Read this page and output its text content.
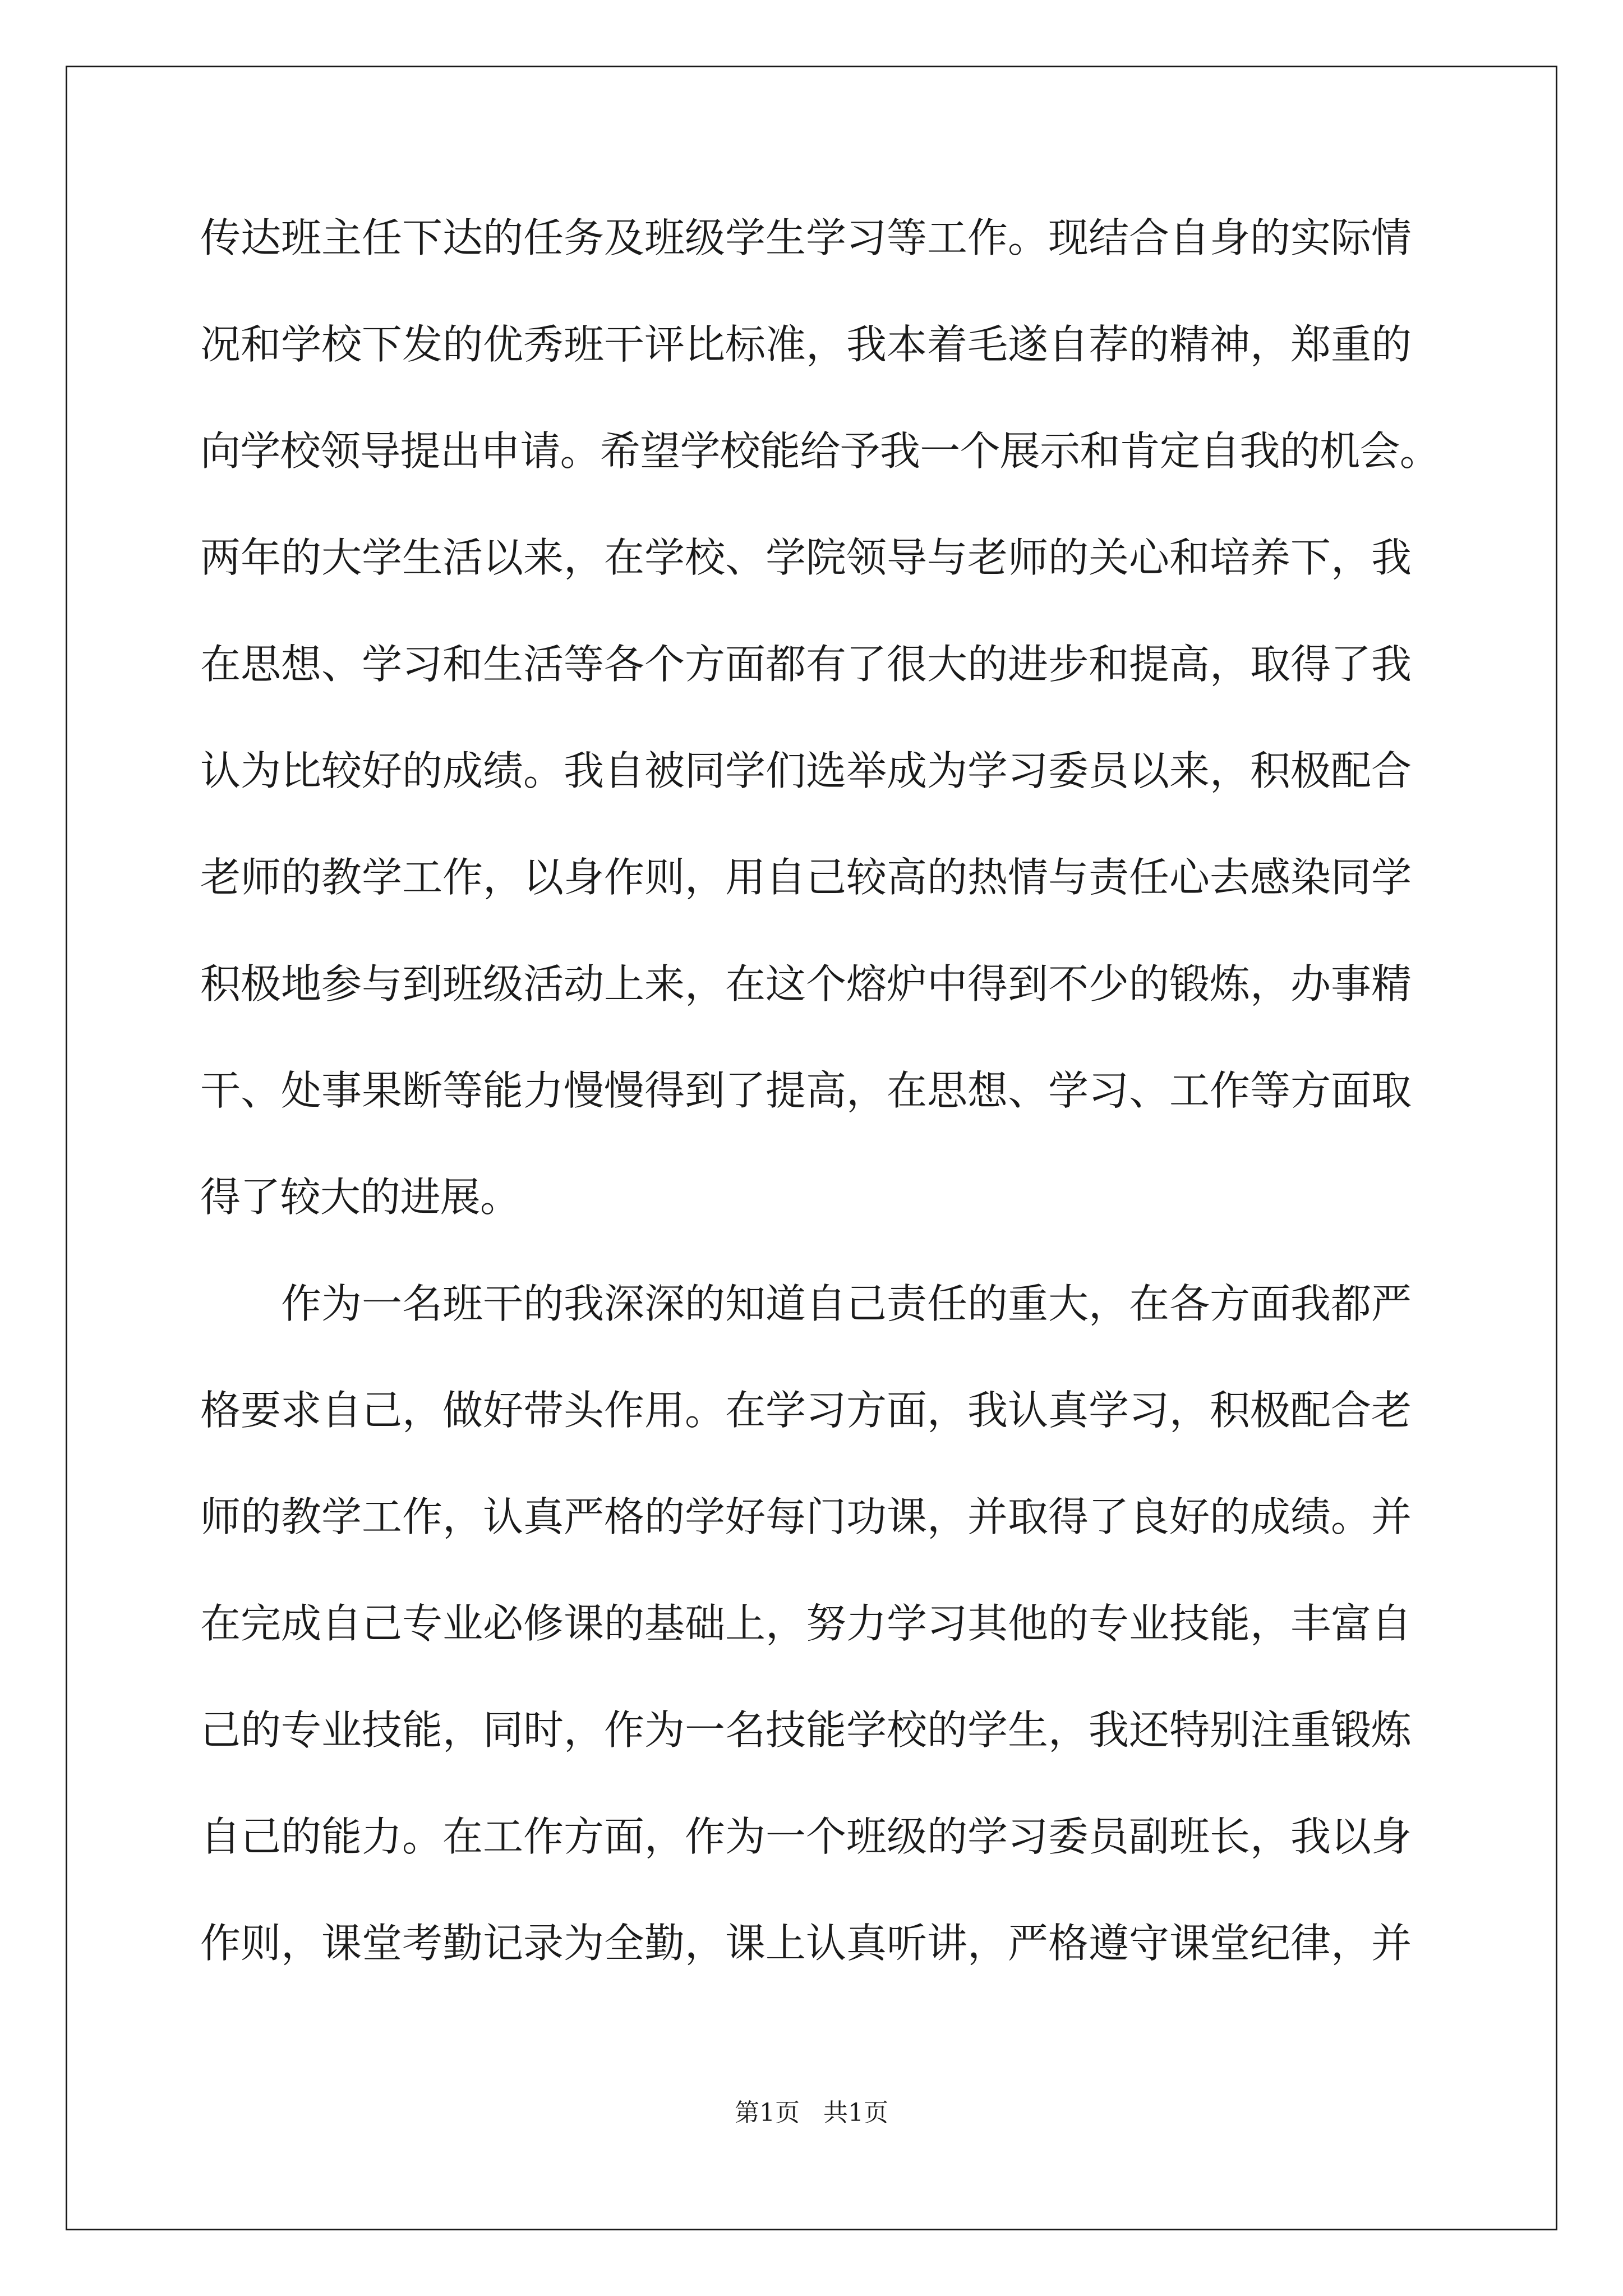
传达班主任下达的任务及班级学生学习等工作。现结合自身的实际情
况和学校下发的优秀班干评比标准，我本着毛遂自荐的精神，郑重的
向学校领导提出申请。希望学校能给予我一个展示和肯定自我的机会。
两年的大学生活以来，在学校、学院领导与老师的关心和培养下，我
在思想、学习和生活等各个方面都有了很大的进步和提高，取得了我
认为比较好的成绩。我自被同学们选举成为学习委员以来，积极配合
老师的教学工作，以身作则，用自己较高的热情与责任心去感染同学
积极地参与到班级活动上来，在这个熔炉中得到不少的锻炼，办事精
干、处事果断等能力慢慢得到了提高，在思想、学习、工作等方面取
得了较大的进展。
作为一名班干的我深深的知道自己责任的重大，在各方面我都严
格要求自己，做好带头作用。在学习方面，我认真学习，积极配合老
师的教学工作，认真严格的学好每门功课，并取得了良好的成绩。并
在完成自己专业必修课的基础上，努力学习其他的专业技能，丰富自
己的专业技能，同时，作为一名技能学校的学生，我还特别注重锻炼
自己的能力。在工作方面，作为一个班级的学习委员副班长，我以身
作则，课堂考勤记录为全勤，课上认真听讲，严格遵守课堂纪律，并
第1页   共1页
